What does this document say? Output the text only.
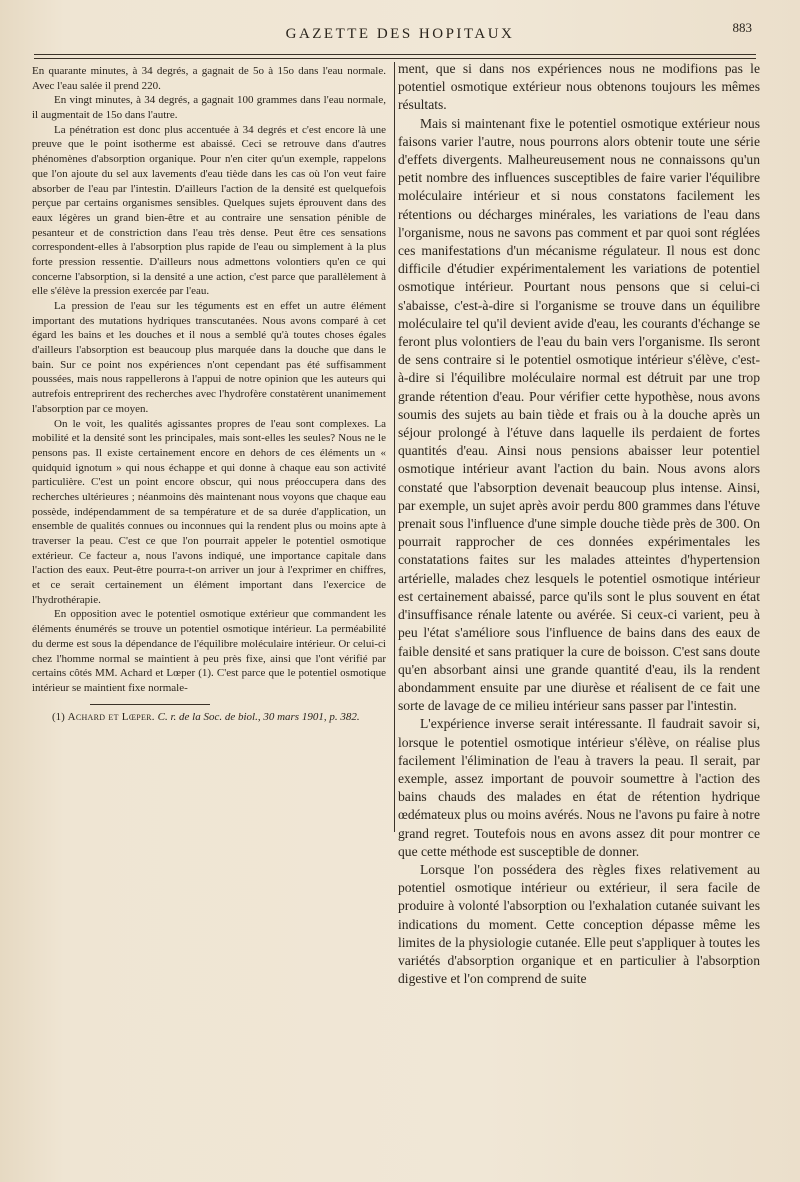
GAZETTE DES HOPITAUX	883

En quarante minutes, à 34 degrés, a gagnait de 5o à 15o dans l'eau normale. Avec l'eau salée il prend 220.

En vingt minutes, à 34 degrés, a gagnait 100 grammes dans l'eau normale, il augmentait de 15o dans l'autre.

La pénétration est donc plus accentuée à 34 degrés et c'est encore là une preuve que le point isotherme est abaissé. Ceci se retrouve dans d'autres phénomènes d'absorption organique. Pour n'en citer qu'un exemple, rappelons que l'on ajoute du sel aux lavements d'eau tiède dans les cas où l'on veut faire absorber de l'eau par l'intestin. D'ailleurs l'action de la densité est quelquefois perçue par certains organismes sensibles. Quelques sujets éprouvent dans des eaux légères un grand bien-être et au contraire une sensation pénible de pesanteur et de constriction dans l'eau très dense. Peut être ces sensations correspondent-elles à l'absorption plus rapide de l'eau ou simplement à la plus forte pression ressentie. D'ailleurs nous admettons volontiers qu'en ce qui concerne l'absorption, si la densité a une action, c'est parce que parallèlement à elle s'élève la pression exercée par l'eau.

La pression de l'eau sur les téguments est en effet un autre élément important des mutations hydriques transcutanées. Nous avons comparé à cet égard les bains et les douches et il nous a semblé qu'à toutes choses égales d'ailleurs l'absorption est beaucoup plus marquée dans la douche que dans le bain. Sur ce point nos expériences n'ont cependant pas été suffisamment poussées, mais nous rappellerons à l'appui de notre opinion que les auteurs qui autrefois entreprirent des recherches avec l'hydrofère constatèrent unanimement l'absorption par ce moyen.

On le voit, les qualités agissantes propres de l'eau sont complexes. La mobilité et la densité sont les principales, mais sont-elles les seules? Nous ne le pensons pas. Il existe certainement encore en dehors de ces éléments un « quidquid ignotum » qui nous échappe et qui donne à chaque eau son activité particulière. C'est un point encore obscur, qui nous préoccupera dans des recherches ultérieures ; néanmoins dès maintenant nous voyons que chaque eau possède, indépendamment de sa température et de sa durée d'application, un ensemble de qualités connues ou inconnues qui la rendent plus ou moins apte à traverser la peau. C'est ce que l'on pourrait appeler le potentiel osmotique extérieur. Ce facteur a, nous l'avons indiqué, une importance capitale dans l'action des eaux. Peut-être pourra-t-on arriver un jour à l'exprimer en chiffres, et ce serait certainement un élément important dans l'exercice de l'hydrothérapie.

En opposition avec le potentiel osmotique extérieur que commandent les éléments énumérés se trouve un potentiel osmotique intérieur. La perméabilité du derme est sous la dépendance de l'équilibre moléculaire intérieur. Or celui-ci chez l'homme normal se maintient à peu près fixe, ainsi que l'ont vérifié par certains côtés MM. Achard et Lœper (1). C'est parce que le potentiel osmotique intérieur se maintient fixe normale-

(1) Achard et Lœper. C. r. de la Soc. de biol., 30 mars 1901, p. 382.

ment, que si dans nos expériences nous ne modifions pas le potentiel osmotique extérieur nous obtenons toujours les mêmes résultats.

Mais si maintenant fixe le potentiel osmotique extérieur nous faisons varier l'autre, nous pourrons alors obtenir toute une série d'effets divergents. Malheureusement nous ne connaissons qu'un petit nombre des influences susceptibles de faire varier l'équilibre moléculaire intérieur et si nous constatons facilement les rétentions ou décharges minérales, les variations de l'eau dans l'organisme, nous ne savons pas comment et par quoi sont réglées ces manifestations d'un mécanisme régulateur. Il nous est donc difficile d'étudier expérimentalement les variations de potentiel osmotique intérieur. Pourtant nous pensons que si celui-ci s'abaisse, c'est-à-dire si l'organisme se trouve dans un équilibre moléculaire tel qu'il devient avide d'eau, les courants d'échange se feront plus volontiers de l'eau du bain vers l'organisme. Ils seront de sens contraire si le potentiel osmotique intérieur s'élève, c'est-à-dire si l'équilibre moléculaire normal est détruit par une trop grande rétention d'eau. Pour vérifier cette hypothèse, nous avons soumis des sujets au bain tiède et frais ou à la douche après un séjour prolongé à l'étuve dans laquelle ils perdaient de fortes quantités d'eau. Ainsi nous pensions abaisser leur potentiel osmotique intérieur avant l'action du bain. Nous avons alors constaté que l'absorption devenait beaucoup plus intense. Ainsi, par exemple, un sujet après avoir perdu 800 grammes dans l'étuve prenait sous l'influence d'une simple douche tiède près de 300. On pourrait rapprocher de ces données expérimentales les constatations faites sur les malades atteintes d'hypertension artérielle, malades chez lesquels le potentiel osmotique intérieur est certainement abaissé, parce qu'ils sont le plus souvent en état d'insuffisance rénale latente ou avérée. Si ceux-ci varient, peu à peu l'état s'améliore sous l'influence de bains dans des eaux de faible densité et sans pratiquer la cure de boisson. C'est sans doute qu'en absorbant ainsi une grande quantité d'eau, ils la rendent abondamment ensuite par une diurèse et réalisent de ce fait une sorte de lavage de ce milieu intérieur sans passer par l'intestin.

L'expérience inverse serait intéressante. Il faudrait savoir si, lorsque le potentiel osmotique intérieur s'élève, on réalise plus facilement l'élimination de l'eau à travers la peau. Il serait, par exemple, assez important de pouvoir soumettre à l'action des bains chauds des malades en état de rétention hydrique œdémateux plus ou moins avérés. Nous ne l'avons pu faire à notre grand regret. Toutefois nous en avons assez dit pour montrer ce que cette méthode est susceptible de donner.

Lorsque l'on possédera des règles fixes relativement au potentiel osmotique intérieur ou extérieur, il sera facile de produire à volonté l'absorption ou l'exhalation cutanée suivant les indications du moment. Cette conception dépasse même les limites de la physiologie cutanée. Elle peut s'appliquer à toutes les variétés d'absorption organique et en particulier à l'absorption digestive et l'on comprend de suite
